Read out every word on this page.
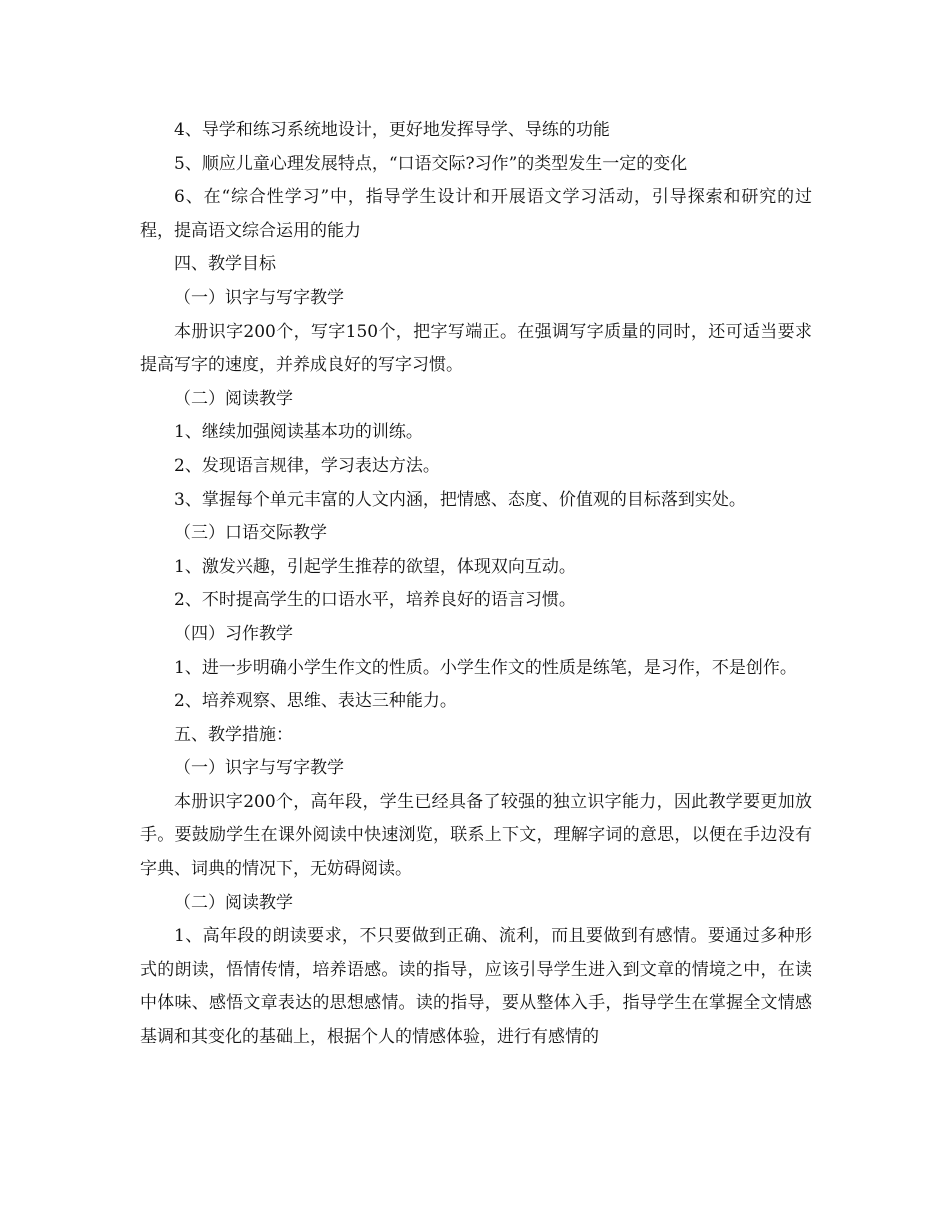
4、导学和练习系统地设计，更好地发挥导学、导练的功能

5、顺应儿童心理发展特点，“口语交际?习作”的类型发生一定的变化

6、在“综合性学习”中，指导学生设计和开展语文学习活动，引导探索和研究的过程，提高语文综合运用的能力

四、教学目标

（一）识字与写字教学

本册识字200个，写字150个，把字写端正。在强调写字质量的同时，还可适当要求提高写字的速度，并养成良好的写字习惯。

（二）阅读教学

1、继续加强阅读基本功的训练。

2、发现语言规律，学习表达方法。

3、掌握每个单元丰富的人文内涵，把情感、态度、价值观的目标落到实处。

（三）口语交际教学

1、激发兴趣，引起学生推荐的欲望，体现双向互动。

2、不时提高学生的口语水平，培养良好的语言习惯。

（四）习作教学

1、进一步明确小学生作文的性质。小学生作文的性质是练笔，是习作，不是创作。

2、培养观察、思维、表达三种能力。

五、教学措施：

（一）识字与写字教学

本册识字200个，高年段，学生已经具备了较强的独立识字能力，因此教学要更加放手。要鼓励学生在课外阅读中快速浏览，联系上下文，理解字词的意思，以便在手边没有字典、词典的情况下，无妨碍阅读。

（二）阅读教学

1、高年段的朗读要求，不只要做到正确、流利，而且要做到有感情。要通过多种形式的朗读，悟情传情，培养语感。读的指导，应该引导学生进入到文章的情境之中，在读中体味、感悟文章表达的思想感情。读的指导，要从整体入手，指导学生在掌握全文情感基调和其变化的基础上，根据个人的情感体验，进行有感情的
